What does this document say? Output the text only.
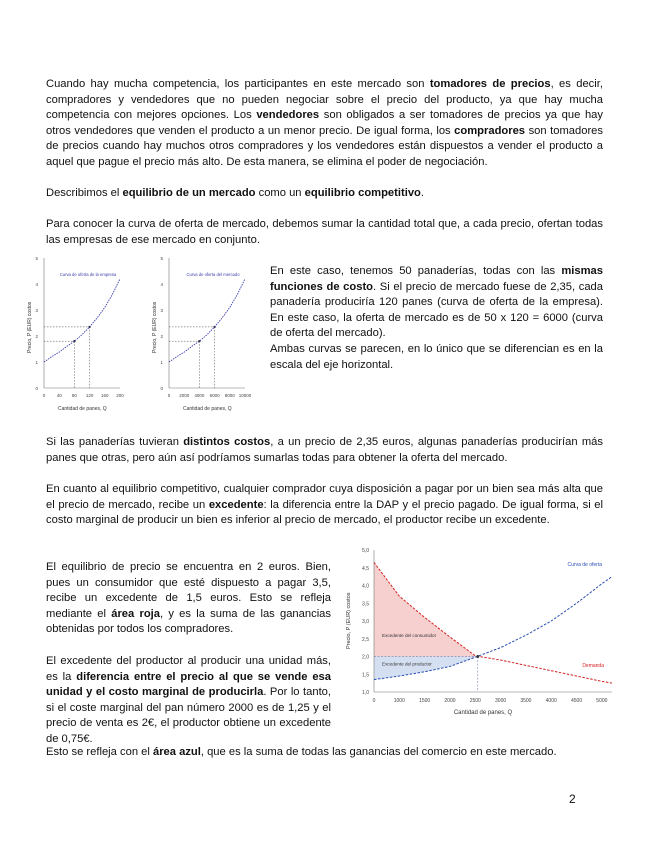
Cuando hay mucha competencia, los participantes en este mercado son tomadores de precios, es decir, compradores y vendedores que no pueden negociar sobre el precio del producto, ya que hay mucha competencia con mejores opciones. Los vendedores son obligados a ser tomadores de precios ya que hay otros vendedores que venden el producto a un menor precio. De igual forma, los compradores son tomadores de precios cuando hay muchos otros compradores y los vendedores están dispuestos a vender el producto a aquel que pague el precio más alto. De esta manera, se elimina el poder de negociación.
Describimos el equilibrio de un mercado como un equilibrio competitivo.
Para conocer la curva de oferta de mercado, debemos sumar la cantidad total que, a cada precio, ofertan todas las empresas de ese mercado en conjunto.
0
1
2
3
4
5
0	40 80 120 160 200
Cantidad de panes, Q
Precio, P (EUR) costos
Curva de oferta de la empresa
0
1
2
3
4
5
0 2000 4000 6000 8000 10000
Cantidad de panes, Q
Precio, P (EUR) costos
Curva de oferta del mercado	En este caso, tenemos 50 panaderías, todas con las mismas funciones de costo. Si el precio de mercado fuese de 2,35, cada panadería produciría 120 panes (curva de oferta de la empresa). En este caso, la oferta de mercado es de 50 x 120 = 6000 (curva de oferta del mercado).
Ambas curvas se parecen, en lo único que se diferencian es en la escala del eje horizontal.
Si las panaderías tuvieran distintos costos, a un precio de 2,35 euros, algunas panaderías producirían más panes que otras, pero aún así podríamos sumarlas todas para obtener la oferta del mercado.
En cuanto al equilibrio competitivo, cualquier comprador cuya disposición a pagar por un bien sea más alta que el precio de mercado, recibe un excedente: la diferencia entre la DAP y el precio pagado. De igual forma, si el costo marginal de producir un bien es inferior al precio de mercado, el productor recibe un excedente.
El equilibrio de precio se encuentra en 2 euros. Bien, pues un consumidor que esté dispuesto a pagar 3,5, recibe un excedente de 1,5 euros. Esto se refleja mediante el área roja, y es la suma de las ganancias obtenidas por todos los compradores.
1,0
1,5
2,0
2,5
3,0
3,5
4,0
4,5
5,0
0	1000	1500	2000	2500	3000	3500	4000	4500	5000
Cantidad de panes, Q
Precio, P (EUR) costos
Curva de oferta
Demanda
Excedente del consumidor
Excedente del productor
El excedente del productor al producir una unidad más, es la diferencia entre el precio al que se vende esa unidad y el costo marginal de producirla. Por lo tanto, si el coste marginal del pan número 2000 es de 1,25 y el precio de venta es 2€, el productor obtiene un excedente de 0,75€.
Esto se refleja con el área azul, que es la suma de todas las ganancias del comercio en este mercado.
2
